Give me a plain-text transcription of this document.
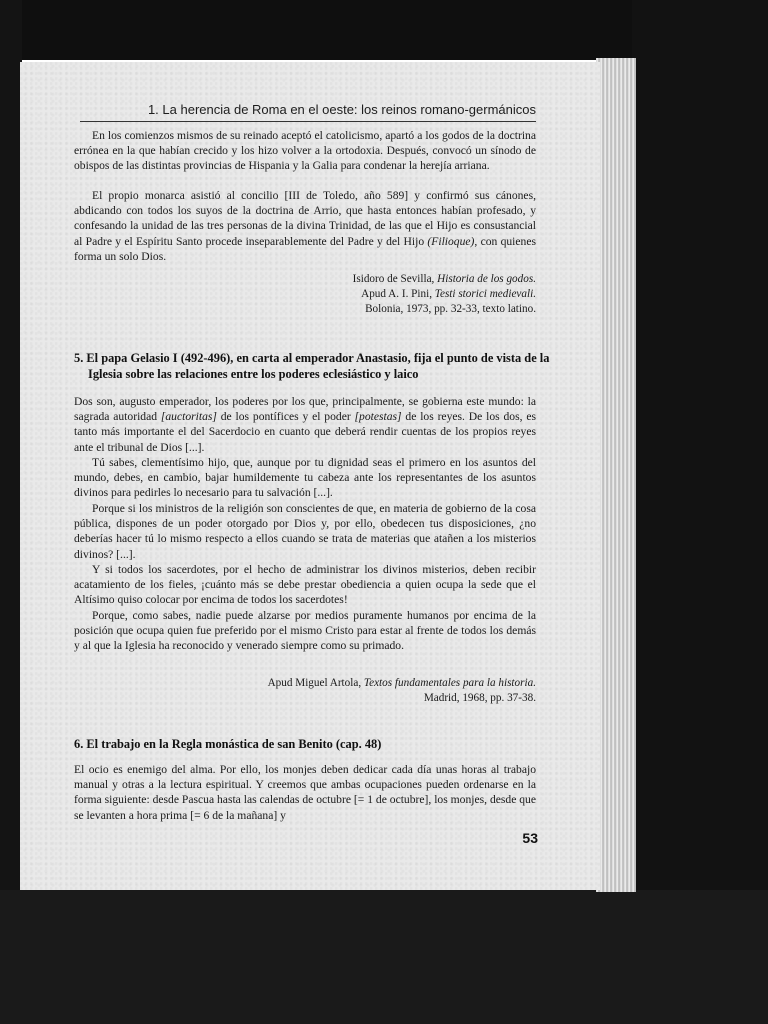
1. La herencia de Roma en el oeste: los reinos romano-germánicos

En los comienzos mismos de su reinado aceptó el catolicismo, apartó a los godos de la doctrina errónea en la que habían crecido y los hizo volver a la ortodoxia. Después, convocó un sínodo de obispos de las distintas provincias de Hispania y la Galia para condenar la herejía arriana.

El propio monarca asistió al concilio [III de Toledo, año 589] y confirmó sus cánones, abdicando con todos los suyos de la doctrina de Arrio, que hasta entonces habían profesado, y confesando la unidad de las tres personas de la divina Trinidad, de las que el Hijo es consustancial al Padre y el Espíritu Santo procede inseparablemente del Padre y del Hijo (Filioque), con quienes forma un solo Dios.

Isidoro de Sevilla, Historia de los godos.

Apud A. I. Pini, Testi storici medievali.

Bolonia, 1973, pp. 32-33, texto latino.

5. El papa Gelasio I (492-496), en carta al emperador Anastasio, fija el punto de vista de la Iglesia sobre las relaciones entre los poderes eclesiástico y laico

Dos son, augusto emperador, los poderes por los que, principalmente, se gobierna este mundo: la sagrada autoridad [auctoritas] de los pontífices y el poder [potestas] de los reyes. De los dos, es tanto más importante el del Sacerdocio en cuanto que deberá rendir cuentas de los propios reyes ante el tribunal de Dios [...].

Tú sabes, clementísimo hijo, que, aunque por tu dignidad seas el primero en los asuntos del mundo, debes, en cambio, bajar humildemente tu cabeza ante los representantes de los asuntos divinos para pedirles lo necesario para tu salvación [...].

Porque si los ministros de la religión son conscientes de que, en materia de gobierno de la cosa pública, dispones de un poder otorgado por Dios y, por ello, obedecen tus disposiciones, ¿no deberías hacer tú lo mismo respecto a ellos cuando se trata de materias que atañen a los misterios divinos? [...].

Y si todos los sacerdotes, por el hecho de administrar los divinos misterios, deben recibir acatamiento de los fieles, ¡cuánto más se debe prestar obediencia a quien ocupa la sede que el Altísimo quiso colocar por encima de todos los sacerdotes!

Porque, como sabes, nadie puede alzarse por medios puramente humanos por encima de la posición que ocupa quien fue preferido por el mismo Cristo para estar al frente de todos los demás y al que la Iglesia ha reconocido y venerado siempre como su primado.

Apud Miguel Artola, Textos fundamentales para la historia.

Madrid, 1968, pp. 37-38.

6. El trabajo en la Regla monástica de san Benito (cap. 48)

El ocio es enemigo del alma. Por ello, los monjes deben dedicar cada día unas horas al trabajo manual y otras a la lectura espiritual. Y creemos que ambas ocupaciones pueden ordenarse en la forma siguiente: desde Pascua hasta las calendas de octubre [= 1 de octubre], los monjes, desde que se levanten a hora prima [= 6 de la mañana] y

53
